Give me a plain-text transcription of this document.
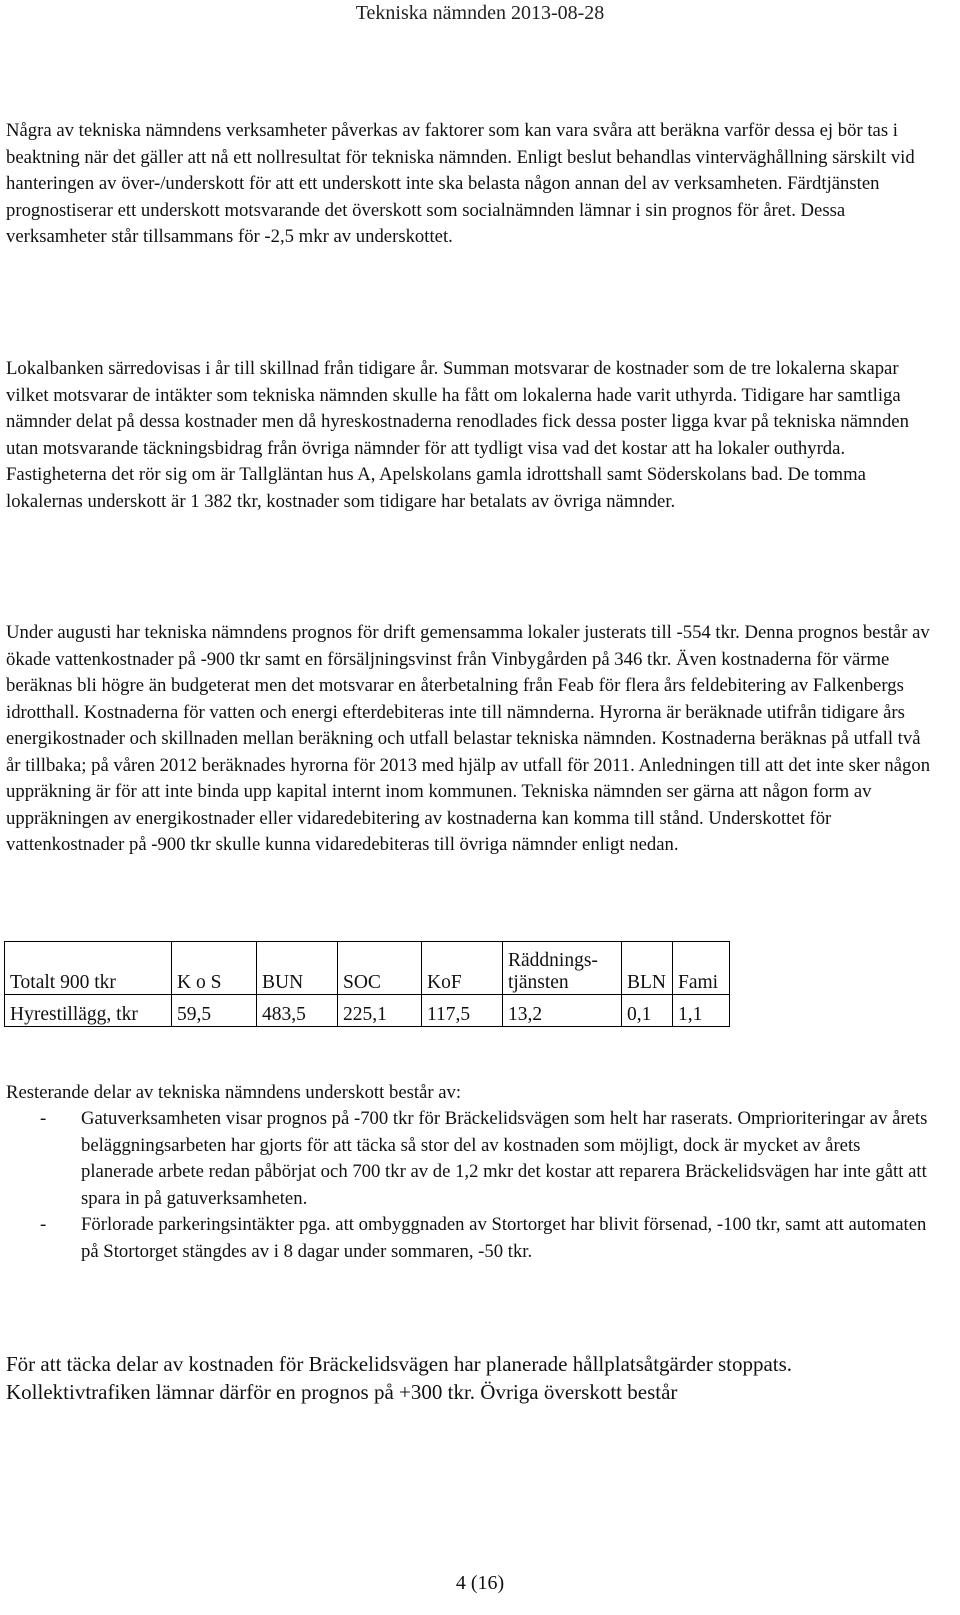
Tekniska nämnden 2013-08-28

Några av tekniska nämndens verksamheter påverkas av faktorer som kan vara svåra att beräkna varför dessa ej bör tas i beaktning när det gäller att nå ett nollresultat för tekniska nämnden. Enligt beslut behandlas vinterväghållning särskilt vid hanteringen av över-/underskott för att ett underskott inte ska belasta någon annan del av verksamheten. Färdtjänsten prognostiserar ett underskott motsvarande det överskott som socialnämnden lämnar i sin prognos för året. Dessa verksamheter står tillsammans för -2,5 mkr av underskottet.

Lokalbanken särredovisas i år till skillnad från tidigare år. Summan motsvarar de kostnader som de tre lokalerna skapar vilket motsvarar de intäkter som tekniska nämnden skulle ha fått om lokalerna hade varit uthyrda. Tidigare har samtliga nämnder delat på dessa kostnader men då hyreskostnaderna renodlades fick dessa poster ligga kvar på tekniska nämnden utan motsvarande täckningsbidrag från övriga nämnder för att tydligt visa vad det kostar att ha lokaler outhyrda. Fastigheterna det rör sig om är Tallgläntan hus A, Apelskolans gamla idrottshall samt Söderskolans bad. De tomma lokalernas underskott är 1 382 tkr, kostnader som tidigare har betalats av övriga nämnder.

Under augusti har tekniska nämndens prognos för drift gemensamma lokaler justerats till -554 tkr. Denna prognos består av ökade vattenkostnader på -900 tkr samt en försäljningsvinst från Vinbygården på 346 tkr. Även kostnaderna för värme beräknas bli högre än budgeterat men det motsvarar en återbetalning från Feab för flera års feldebitering av Falkenbergs idrotthall. Kostnaderna för vatten och energi efterdebiteras inte till nämnderna. Hyrorna är beräknade utifrån tidigare års energikostnader och skillnaden mellan beräkning och utfall belastar tekniska nämnden. Kostnaderna beräknas på utfall två år tillbaka; på våren 2012 beräknades hyrorna för 2013 med hjälp av utfall för 2011. Anledningen till att det inte sker någon uppräkning är för att inte binda upp kapital internt inom kommunen. Tekniska nämnden ser gärna att någon form av uppräkningen av energikostnader eller vidaredebitering av kostnaderna kan komma till stånd. Underskottet för vattenkostnader på -900 tkr skulle kunna vidaredebiteras till övriga nämnder enligt nedan.

Totalt 900 tkr	K o S	BUN	SOC	KoF	Räddnings-
tjänsten	BLN	Fami
Hyrestillägg, tkr	59,5	483,5	225,1	117,5	13,2	0,1	1,1

Resterande delar av tekniska nämndens underskott består av:

- Gatuverksamheten visar prognos på -700 tkr för Bräckelidsvägen som helt har raserats. Omprioriteringar av årets beläggningsarbeten har gjorts för att täcka så stor del av kostnaden som möjligt, dock är mycket av årets planerade arbete redan påbörjat och 700 tkr av de 1,2 mkr det kostar att reparera Bräckelidsvägen har inte gått att spara in på gatuverksamheten.
- Förlorade parkeringsintäkter pga. att ombyggnaden av Stortorget har blivit försenad, -100 tkr, samt att automaten på Stortorget stängdes av i 8 dagar under sommaren, -50 tkr.

För att täcka delar av kostnaden för Bräckelidsvägen har planerade hållplatsåtgärder stoppats. Kollektivtrafiken lämnar därför en prognos på +300 tkr. Övriga överskott består

4 (16)
